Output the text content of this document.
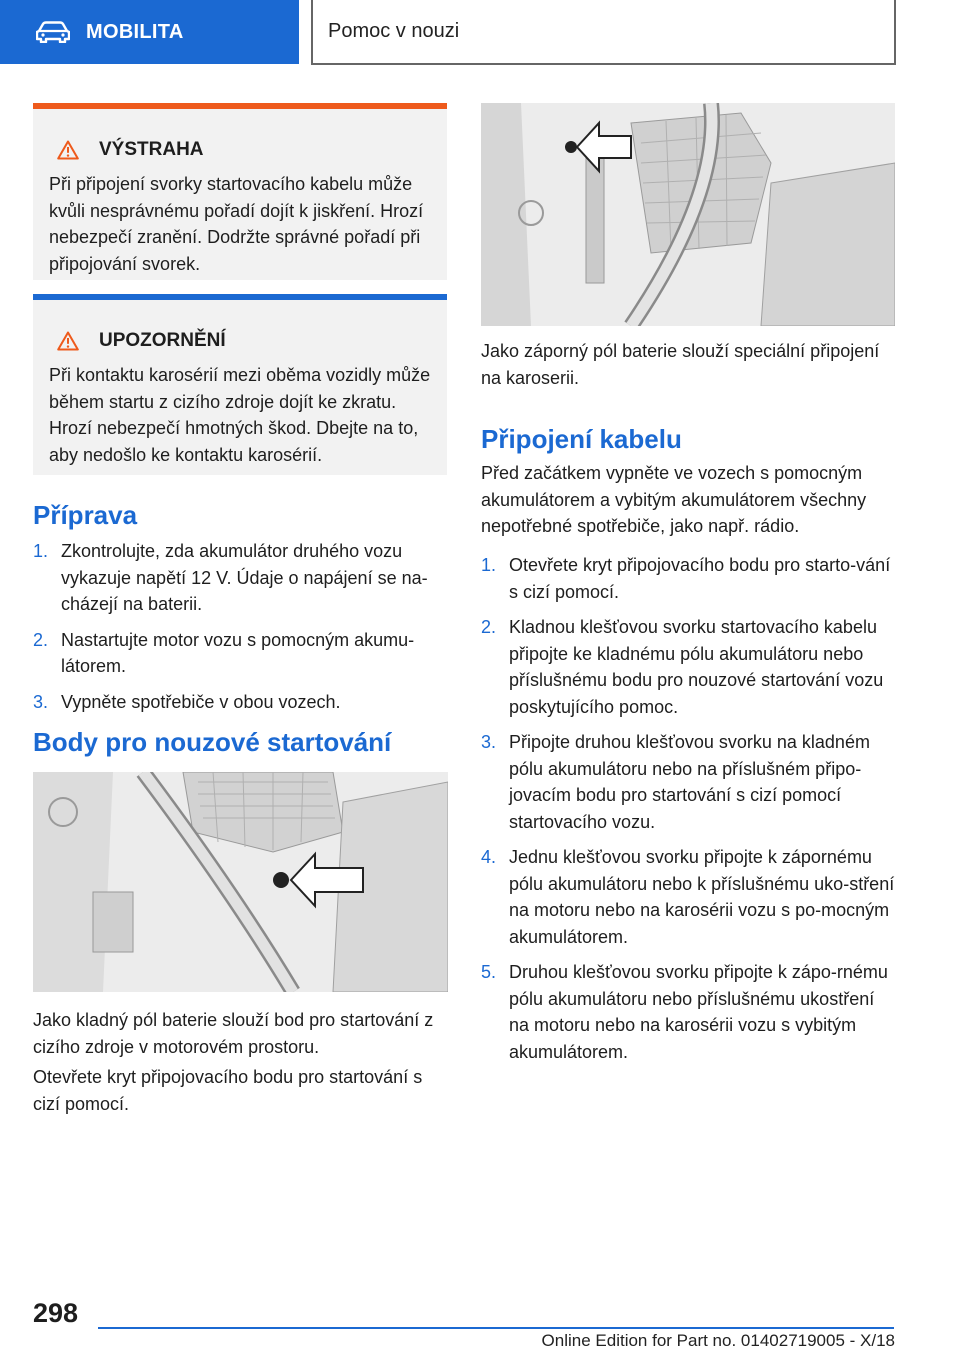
MOBILITA	Pomoc v nouzi
VÝSTRAHA
Při připojení svorky startovacího kabelu může kvůli nesprávnému pořadí dojít k jiskření. Hrozí nebezpečí zranění. Dodržte správné pořadí při připojování svorek.
UPOZORNĚNÍ
Při kontaktu karosérií mezi oběma vozidly může během startu z cizího zdroje dojít ke zkratu. Hrozí nebezpečí hmotných škod. Dbejte na to, aby nedošlo ke kontaktu karosérií.
Příprava
1. Zkontrolujte, zda akumulátor druhého vozu vykazuje napětí 12 V. Údaje o napájení se na‐cházejí na baterii.
2. Nastartujte motor vozu s pomocným akumu‐látorem.
3. Vypněte spotřebiče v obou vozech.
Body pro nouzové startování

Jako kladný pól baterie slouží bod pro startování z cizího zdroje v motorovém prostoru.

Otevřete kryt připojovacího bodu pro startování s cizí pomocí.

Jako záporný pól baterie slouží speciální připojení na karoserii.

Připojení kabelu

Před začátkem vypněte ve vozech s pomocným akumulátorem a vybitým akumulátorem všechny nepotřebné spotřebiče, jako např. rádio.

1. Otevřete kryt připojovacího bodu pro starto‐vání s cizí pomocí.
2. Kladnou klešťovou svorku startovacího kabelu připojte ke kladnému pólu akumulátoru nebo příslušnému bodu pro nouzové startování vozu poskytujícího pomoc.
3. Připojte druhou klešťovou svorku na kladném pólu akumulátoru nebo na příslušném připo‐jovacím bodu pro startování s cizí pomocí startovacího vozu.
4. Jednu klešťovou svorku připojte k zápornému pólu akumulátoru nebo k příslušnému uko‐stření na motoru nebo na karosérii vozu s po‐mocným akumulátorem.
5. Druhou klešťovou svorku připojte k zápo‐rnému pólu akumulátoru nebo příslušnému ukostření na motoru nebo na karosérii vozu s vybitým akumulátorem.
298
Online Edition for Part no. 01402719005 - X/18
